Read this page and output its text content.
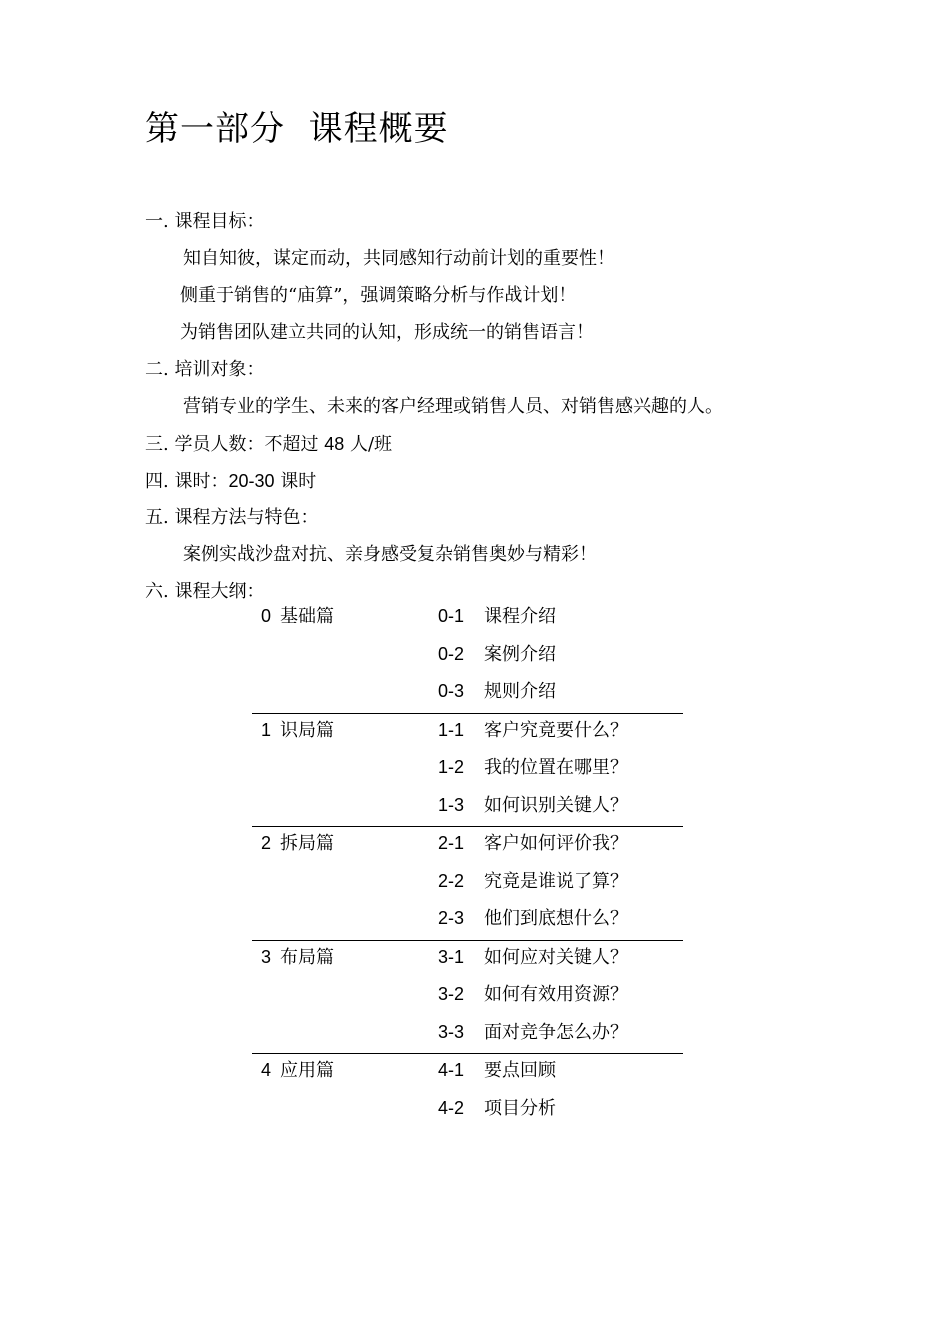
第一部分  课程概要
一. 课程目标：
知自知彼，谋定而动，共同感知行动前计划的重要性！
侧重于销售的“庙算”，强调策略分析与作战计划！
为销售团队建立共同的认知，形成统一的销售语言！
二. 培训对象：
营销专业的学生、未来的客户经理或销售人员、对销售感兴趣的人。
三. 学员人数：不超过 48 人/班
四. 课时：20-30 课时
五. 课程方法与特色：
案例实战沙盘对抗、亲身感受复杂销售奥妙与精彩！
六. 课程大纲：
0 基础篇	0-1 课程介绍
0-2 案例介绍
0-3 规则介绍
1 识局篇	1-1 客户究竟要什么？
1-2 我的位置在哪里？
1-3 如何识别关键人？
2 拆局篇	2-1 客户如何评价我？
2-2 究竟是谁说了算？
2-3 他们到底想什么？
3 布局篇	3-1 如何应对关键人？
3-2 如何有效用资源？
3-3 面对竞争怎么办？
4 应用篇	4-1 要点回顾
4-2 项目分析
